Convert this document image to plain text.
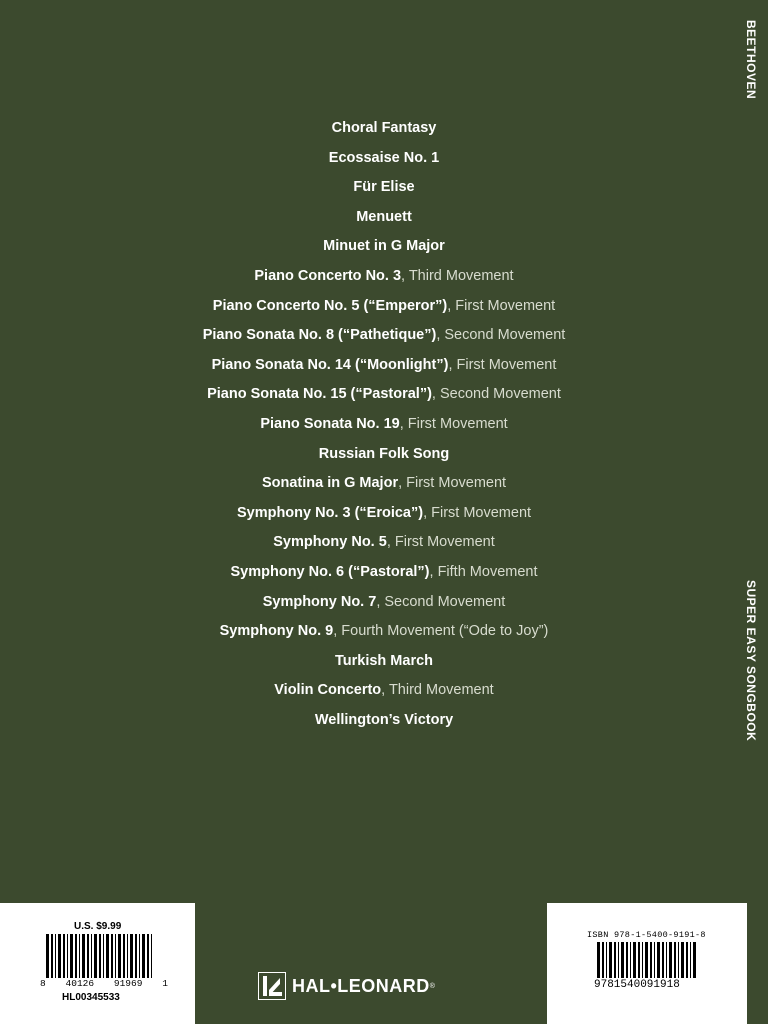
BEETHOVEN
SUPER EASY SONGBOOK
Choral Fantasy
Ecossaise No. 1
Für Elise
Menuett
Minuet in G Major
Piano Concerto No. 3, Third Movement
Piano Concerto No. 5 (“Emperor”), First Movement
Piano Sonata No. 8 (“Pathetique”), Second Movement
Piano Sonata No. 14 (“Moonlight”), First Movement
Piano Sonata No. 15 (“Pastoral”), Second Movement
Piano Sonata No. 19, First Movement
Russian Folk Song
Sonatina in G Major, First Movement
Symphony No. 3 (“Eroica”), First Movement
Symphony No. 5, First Movement
Symphony No. 6 (“Pastoral”), Fifth Movement
Symphony No. 7, Second Movement
Symphony No. 9, Fourth Movement (“Ode to Joy”)
Turkish March
Violin Concerto, Third Movement
Wellington’s Victory
U.S. $9.99
8 40126 91969 1
HL00345533
ISBN 978-1-5400-9191-8
9781540091918
HAL•LEONARD ®
